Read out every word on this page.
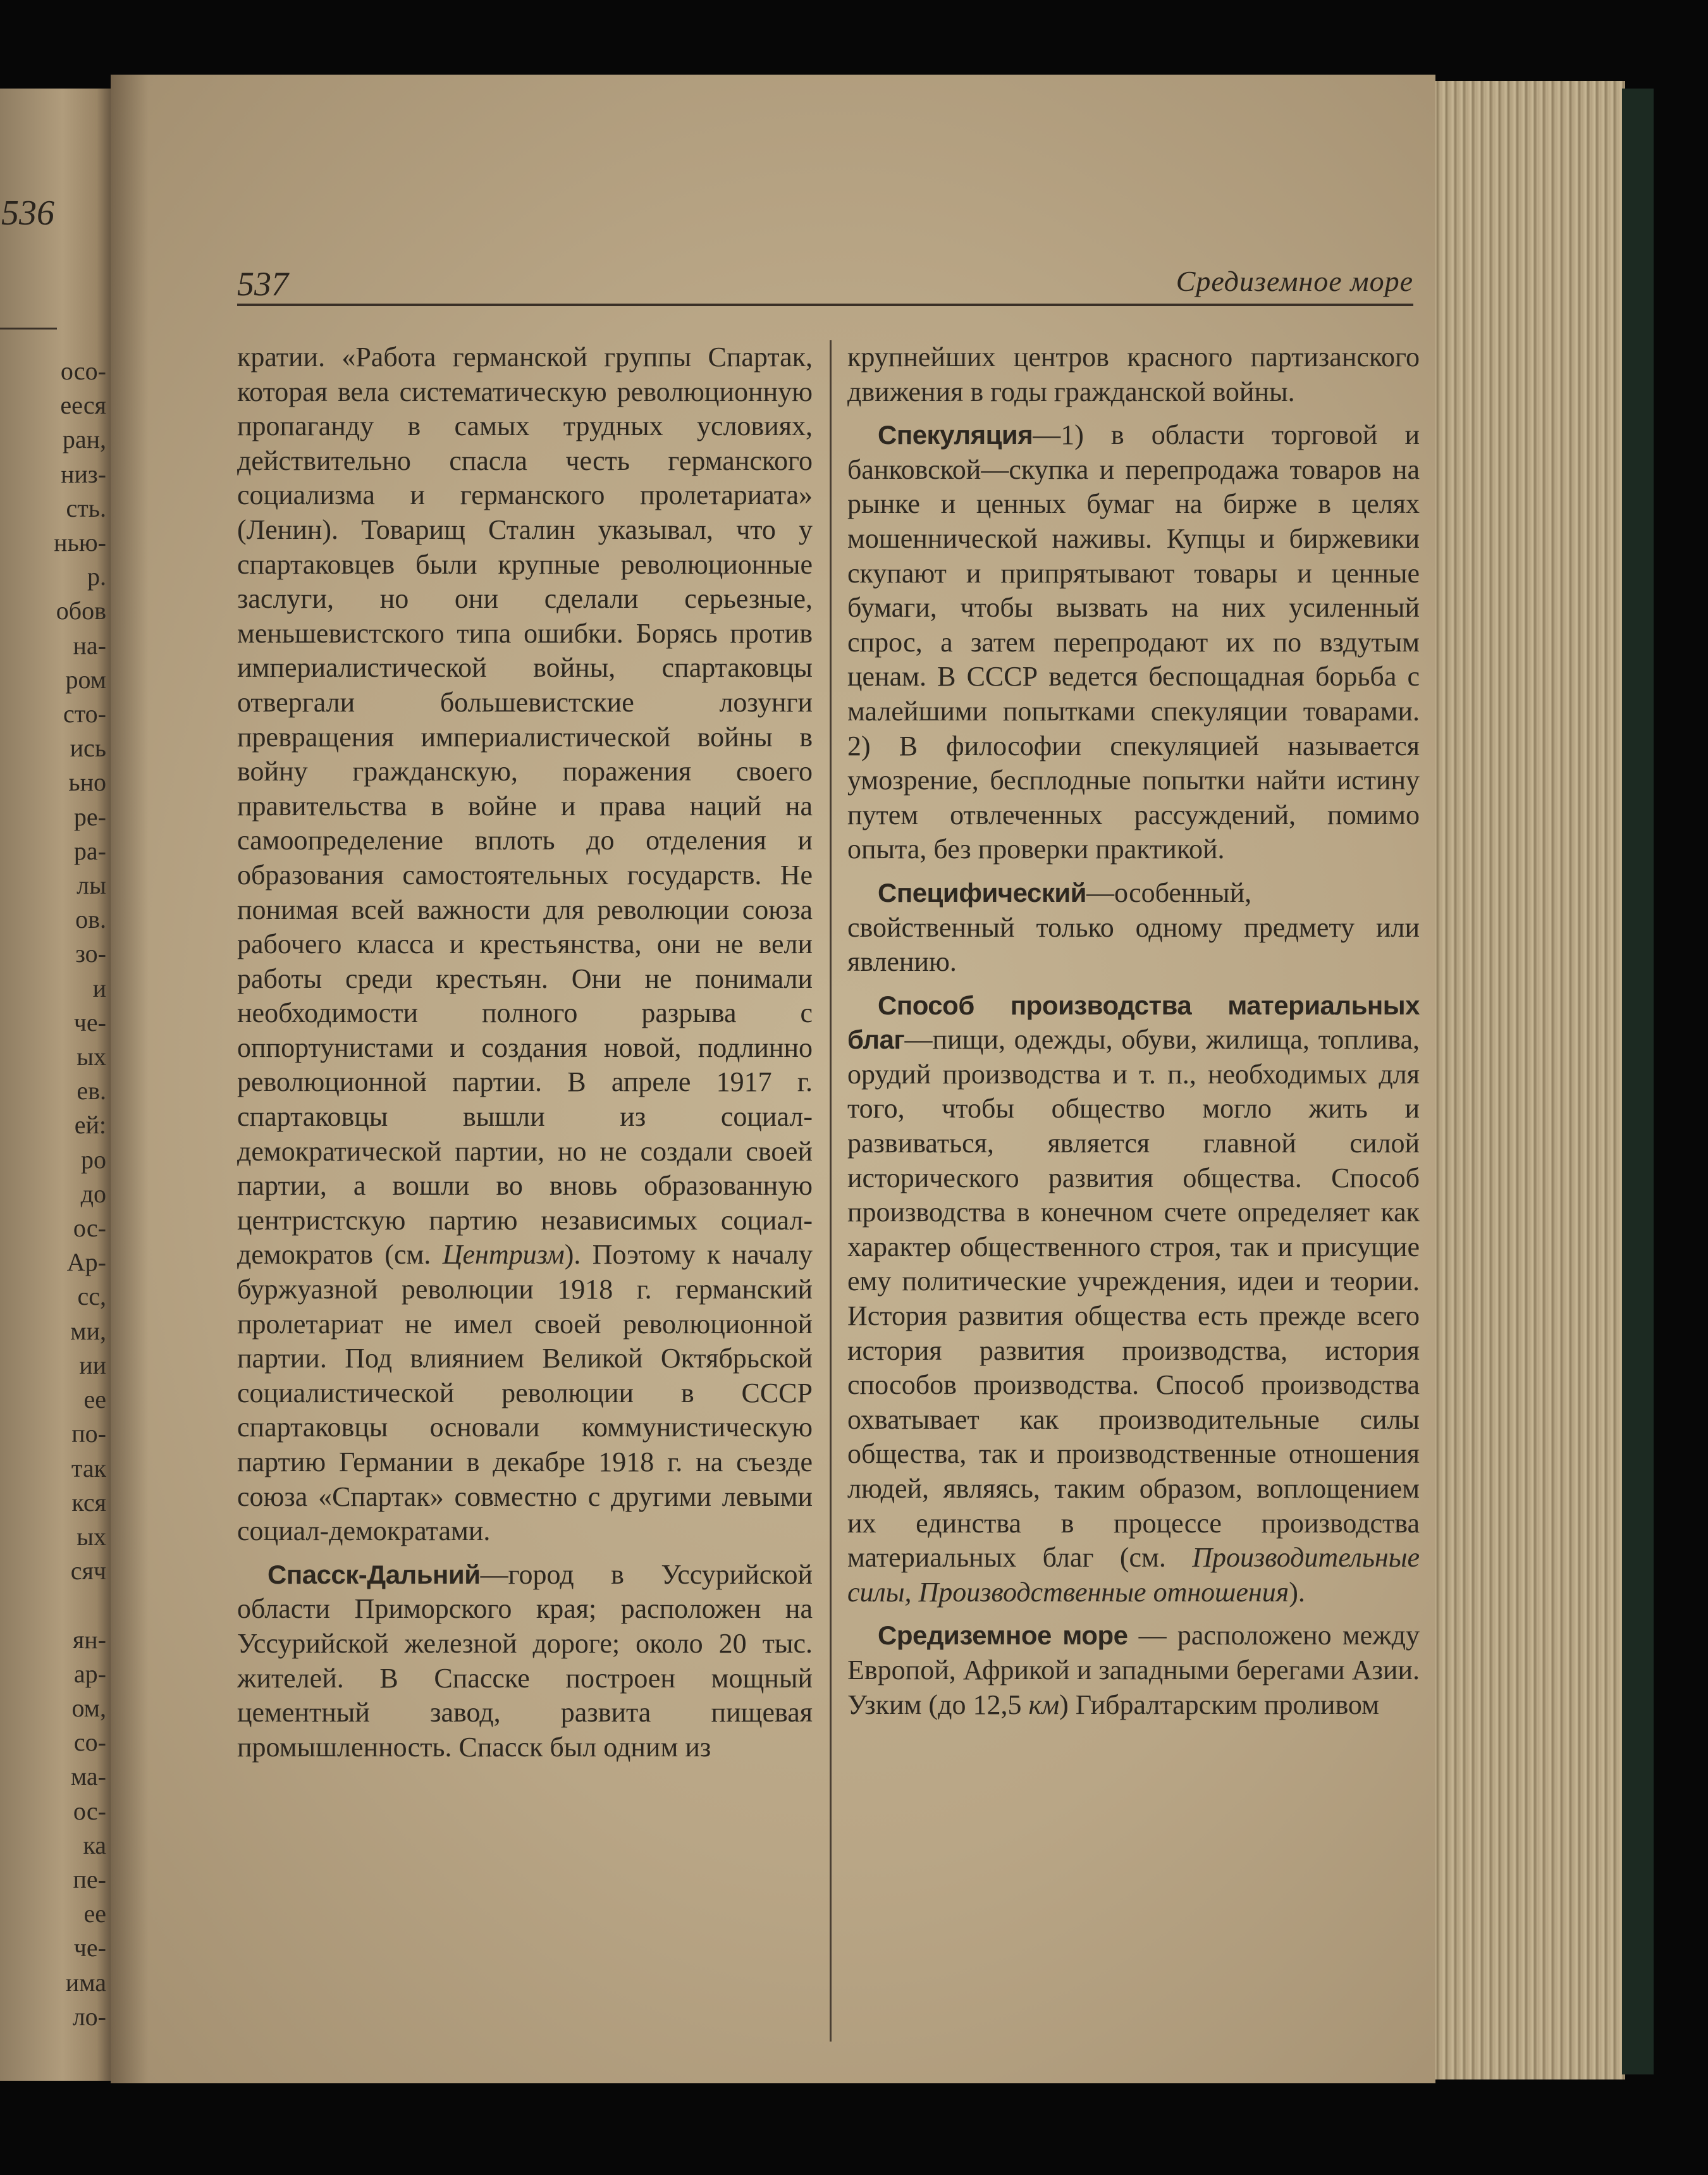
536
осо-
ееся
ран,
низ-
сть.
нью-
р.
обов
на-
ром
сто-
ись
ьно
ре-
ра-
лы
ов.
зо-
и
че-
ых
ев.
ей:
ро
до
ос-
Ар-
сс,
ми,
ии
ее
по-
так
кся
ых
сяч

ян-
ар-
ом,
со-
ма-
ос-
ка
пе-
ее
че-
има
ло-
537	Средиземное море

кратии. «Работа германской группы Спартак, которая вела систематическую революционную пропаганду в самых трудных условиях, действительно спасла честь германского социализма и германского пролетариата» (Ленин). Товарищ Сталин указывал, что у спартаковцев были крупные революционные заслуги, но они сделали серьезные, меньшевистского типа ошибки. Борясь против империалистической войны, спартаковцы отвергали большевистские лозунги превращения империалистической войны в войну гражданскую, поражения своего правительства в войне и права наций на самоопределение вплоть до отделения и образования самостоятельных государств. Не понимая всей важности для революции союза рабочего класса и крестьянства, они не вели работы среди крестьян. Они не понимали необходимости полного разрыва с оппортунистами и создания новой, подлинно революционной партии. В апреле 1917 г. спартаковцы вышли из социал-демократической партии, но не создали своей партии, а вошли во вновь образованную центристскую партию независимых социал-демократов (см. Центризм). Поэтому к началу буржуазной революции 1918 г. германский пролетариат не имел своей революционной партии. Под влиянием Великой Октябрьской социалистической революции в СССР спартаковцы основали коммунистическую партию Германии в декабре 1918 г. на съезде союза «Спартак» совместно с другими левыми социал-демократами.

Спасск-Дальний—город в Уссурийской области Приморского края; расположен на Уссурийской железной дороге; около 20 тыс. жителей. В Спасске построен мощный цементный завод, развита пищевая промышленность. Спасск был одним из

крупнейших центров красного партизанского движения в годы гражданской войны.

Спекуляция—1) в области торговой и банковской—скупка и перепродажа товаров на рынке и ценных бумаг на бирже в целях мошеннической наживы. Купцы и биржевики скупают и припрятывают товары и ценные бумаги, чтобы вызвать на них усиленный спрос, а затем перепродают их по вздутым ценам. В СССР ведется беспощадная борьба с малейшими попытками спекуляции товарами. 2) В философии спекуляцией называется умозрение, бесплодные попытки найти истину путем отвлеченных рассуждений, помимо опыта, без проверки практикой.

Специфический—особенный, свойственный только одному предмету или явлению.

Способ производства материальных благ—пищи, одежды, обуви, жилища, топлива, орудий производства и т. п., необходимых для того, чтобы общество могло жить и развиваться, является главной силой исторического развития общества. Способ производства в конечном счете определяет как характер общественного строя, так и присущие ему политические учреждения, идеи и теории. История развития общества есть прежде всего история развития производства, история способов производства. Способ производства охватывает как производительные силы общества, так и производственные отношения людей, являясь, таким образом, воплощением их единства в процессе производства материальных благ (см. Производительные силы, Производственные отношения).

Средиземное море — расположено между Европой, Африкой и западными берегами Азии. Узким (до 12,5 км) Гибралтарским проливом
